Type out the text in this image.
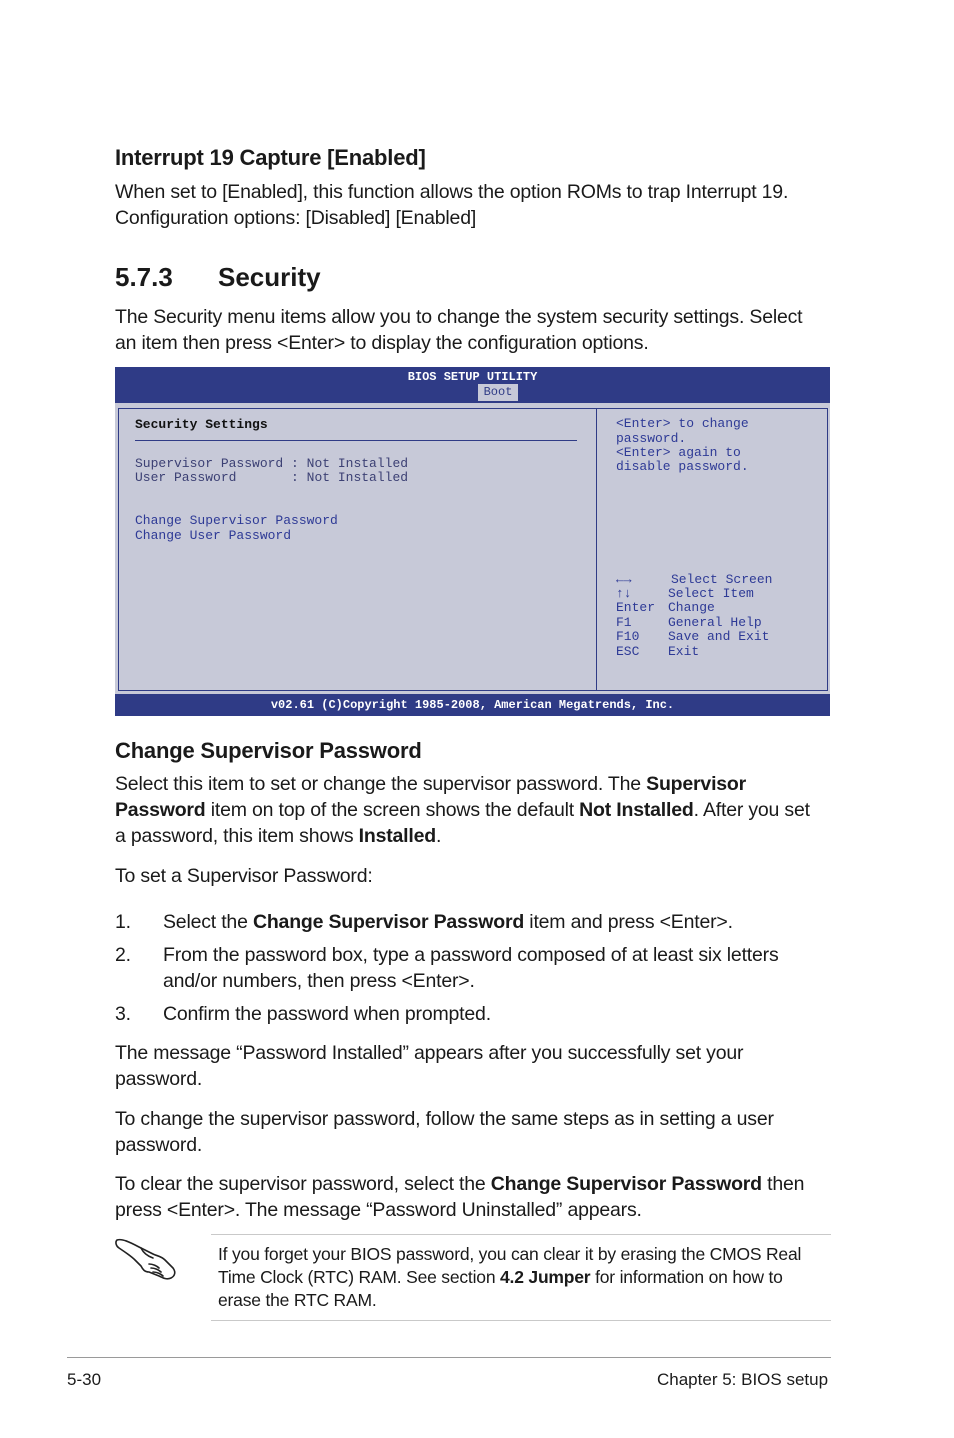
Interrupt 19 Capture [Enabled]
When set to [Enabled], this function allows the option ROMs to trap Interrupt 19.
Configuration options: [Disabled] [Enabled]
5.7.3 Security
The Security menu items allow you to change the system security settings. Select
an item then press <Enter> to display the configuration options.
BIOS SETUP UTILITY
Boot
Security Settings
Supervisor Password : Not Installed
User Password       : Not Installed
Change Supervisor Password
Change User Password
<Enter> to change
password.
<Enter> again to
disable password.
←→	Select Screen
↑↓	Select Item
Enter Change
F1	General Help
F10 Save and Exit
ESC Exit
v02.61 (C)Copyright 1985-2008, American Megatrends, Inc.
Change Supervisor Password
Select this item to set or change the supervisor password. The Supervisor
Password item on top of the screen shows the default Not Installed. After you set
a password, this item shows Installed.
To set a Supervisor Password:
1. Select the Change Supervisor Password item and press <Enter>.
2. From the password box, type a password composed of at least six letters
and/or numbers, then press <Enter>.
3. Confirm the password when prompted.
The message “Password Installed” appears after you successfully set your
password.
To change the supervisor password, follow the same steps as in setting a user
password.
To clear the supervisor password, select the Change Supervisor Password then
press <Enter>. The message “Password Uninstalled” appears.
If you forget your BIOS password, you can clear it by erasing the CMOS Real
Time Clock (RTC) RAM. See section 4.2 Jumper for information on how to
erase the RTC RAM.
5-30	Chapter 5: BIOS setup
